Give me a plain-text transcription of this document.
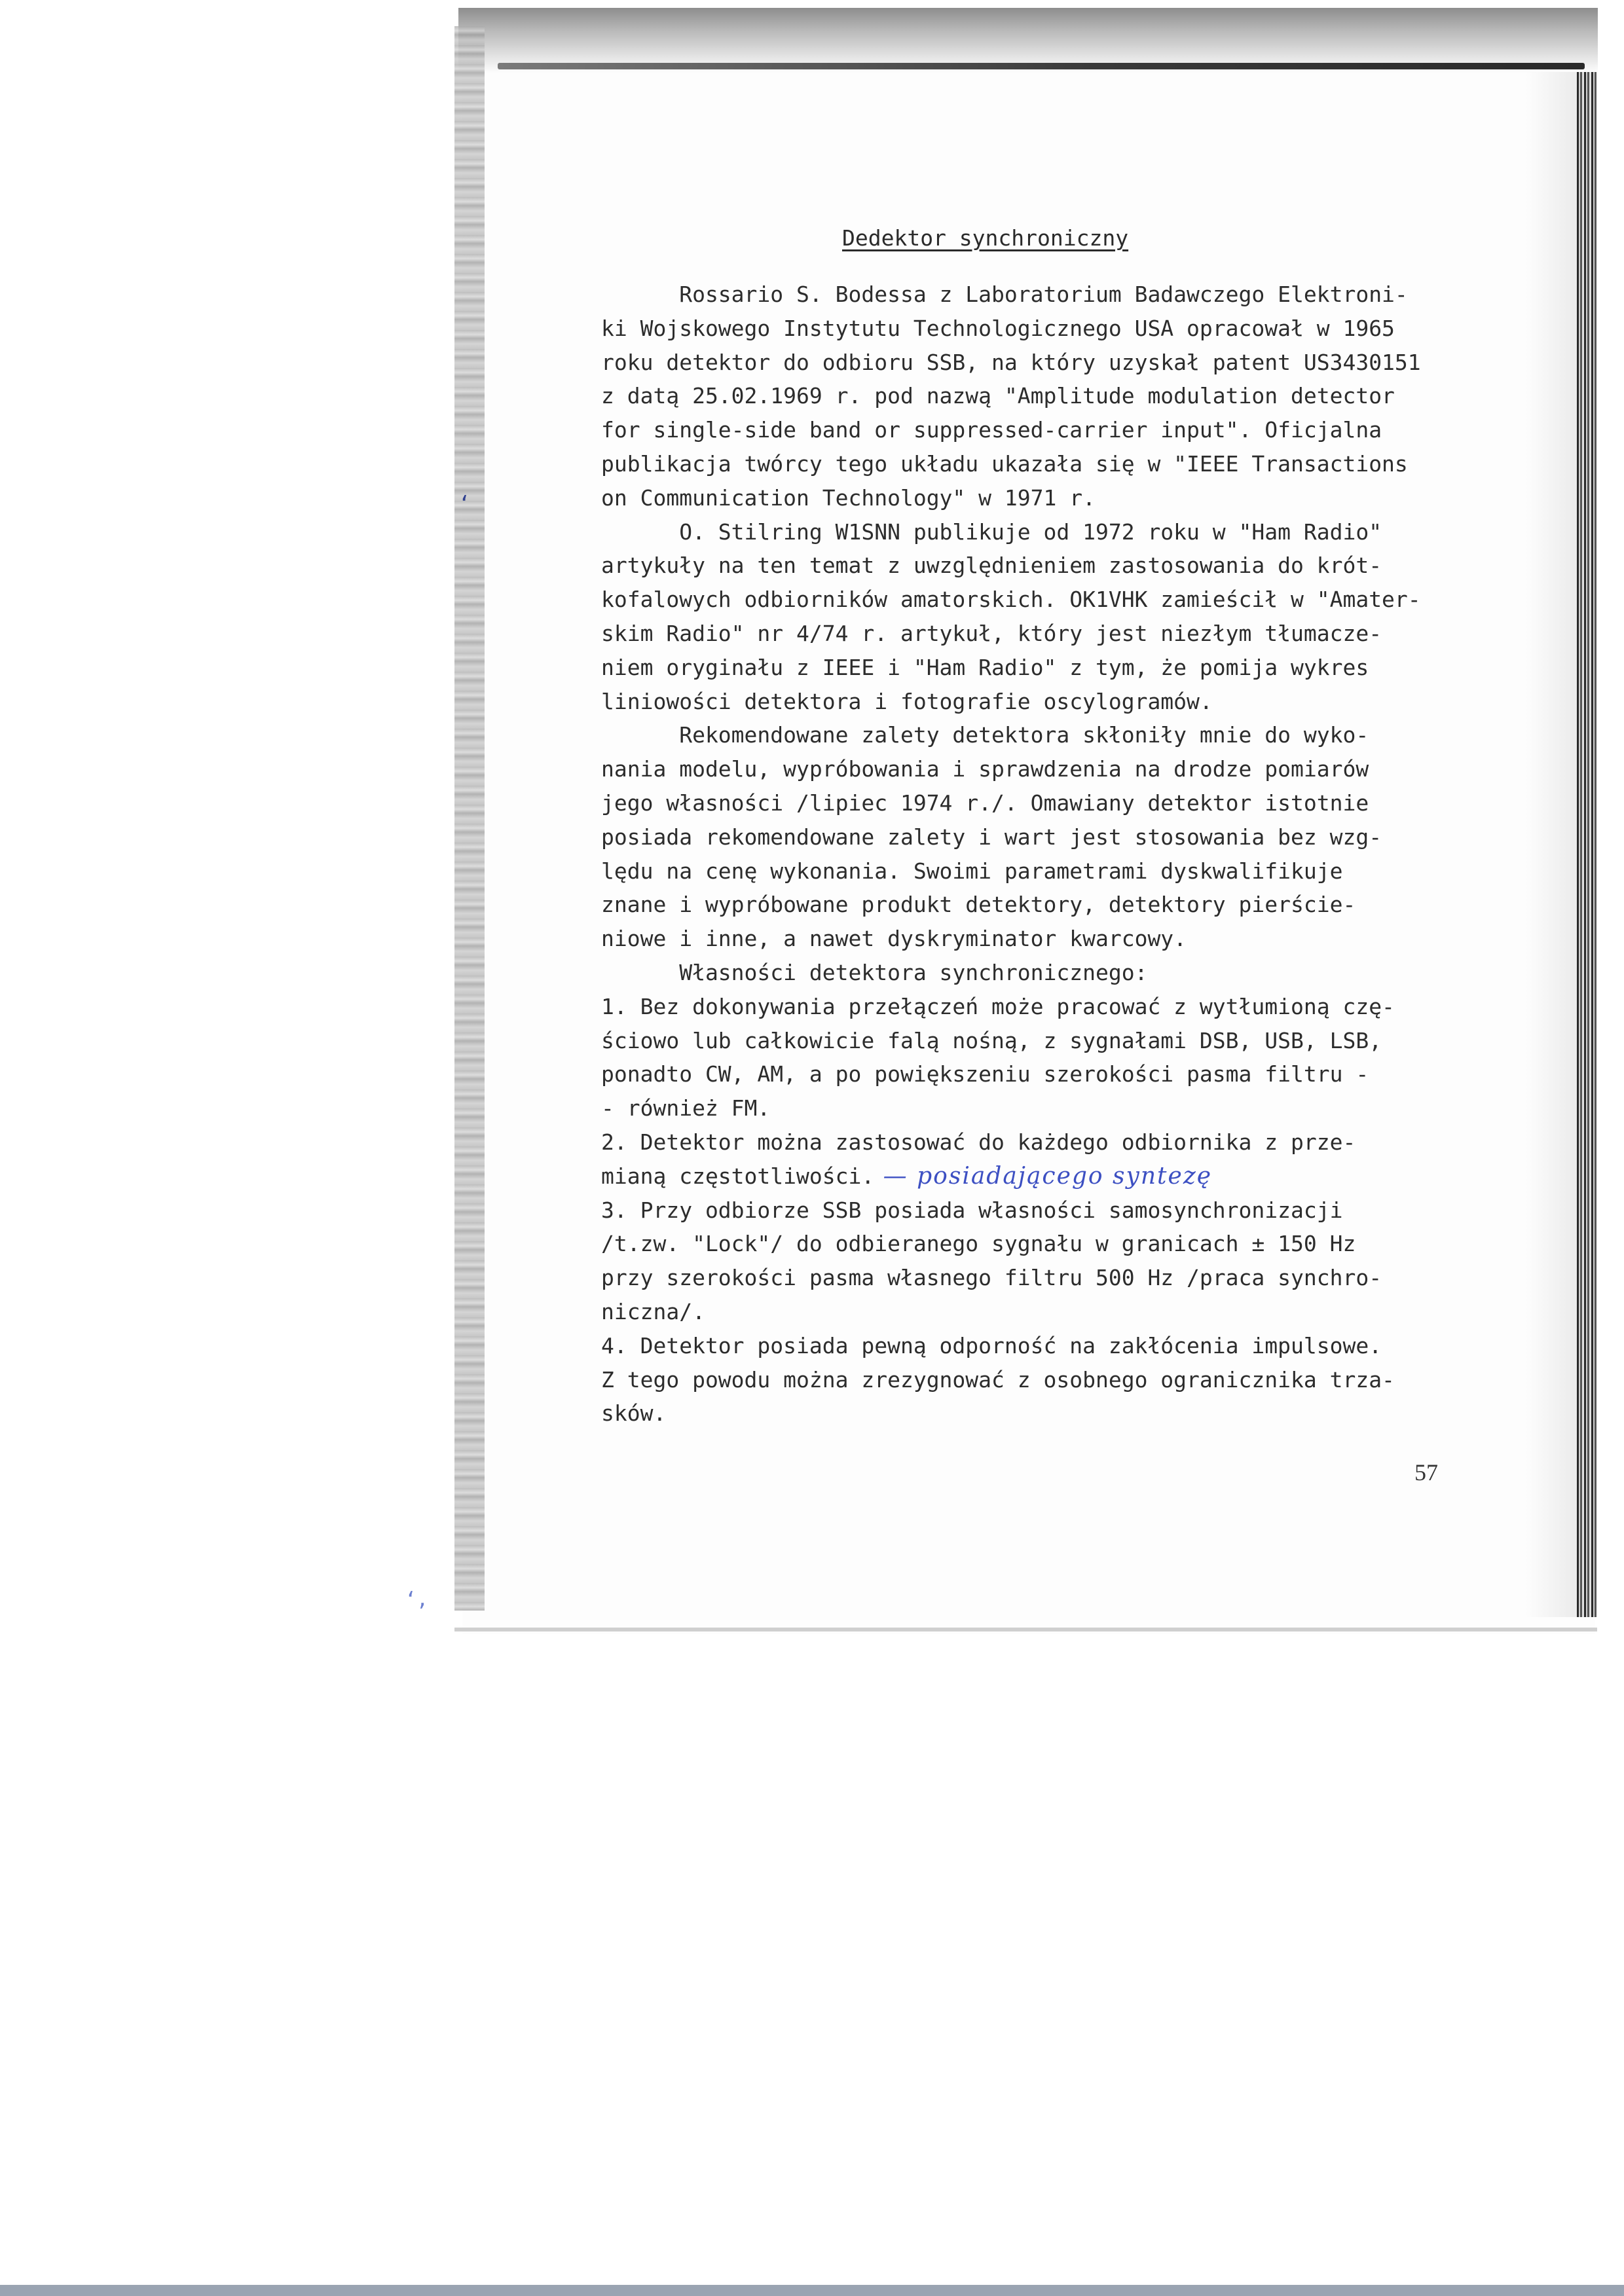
‘
‘,
Dedektor synchroniczny
Rossario S. Bodessa z Laboratorium Badawczego Elektroni-
ki Wojskowego Instytutu Technologicznego USA opracował w 1965
roku detektor do odbioru SSB, na który uzyskał patent US3430151
z datą 25.02.1969 r. pod nazwą "Amplitude modulation detector
for single-side band or suppressed-carrier input". Oficjalna
publikacja twórcy tego układu ukazała się w "IEEE Transactions
on Communication Technology" w 1971 r.
O. Stilring W1SNN publikuje od 1972 roku w "Ham Radio"
artykuły na ten temat z uwzględnieniem zastosowania do krót-
kofalowych odbiorników amatorskich. OK1VHK zamieścił w "Amater-
skim Radio" nr 4/74 r. artykuł, który jest niezłym tłumacze-
niem oryginału z IEEE i "Ham Radio" z tym, że pomija wykres
liniowości detektora i fotografie oscylogramów.
Rekomendowane zalety detektora skłoniły mnie do wyko-
nania modelu, wypróbowania i sprawdzenia na drodze pomiarów
jego własności /lipiec 1974 r./. Omawiany detektor istotnie
posiada rekomendowane zalety i wart jest stosowania bez wzg-
lędu na cenę wykonania. Swoimi parametrami dyskwalifikuje
znane i wypróbowane produkt detektory, detektory pierście-
niowe i inne, a nawet dyskryminator kwarcowy.
Własności detektora synchronicznego:
1. Bez dokonywania przełączeń może pracować z wytłumioną czę-
ściowo lub całkowicie falą nośną, z sygnałami DSB, USB, LSB,
ponadto CW, AM, a po powiększeniu szerokości pasma filtru -
- również FM.
2. Detektor można zastosować do każdego odbiornika z prze-
mianą częstotliwości. — posiadającego syntezę
3. Przy odbiorze SSB posiada własności samosynchronizacji
/t.zw. "Lock"/ do odbieranego sygnału w granicach ± 150 Hz
przy szerokości pasma własnego filtru 500 Hz /praca synchro-
niczna/.
4. Detektor posiada pewną odporność na zakłócenia impulsowe.
Z tego powodu można zrezygnować z osobnego ogranicznika trza-
sków.
57
